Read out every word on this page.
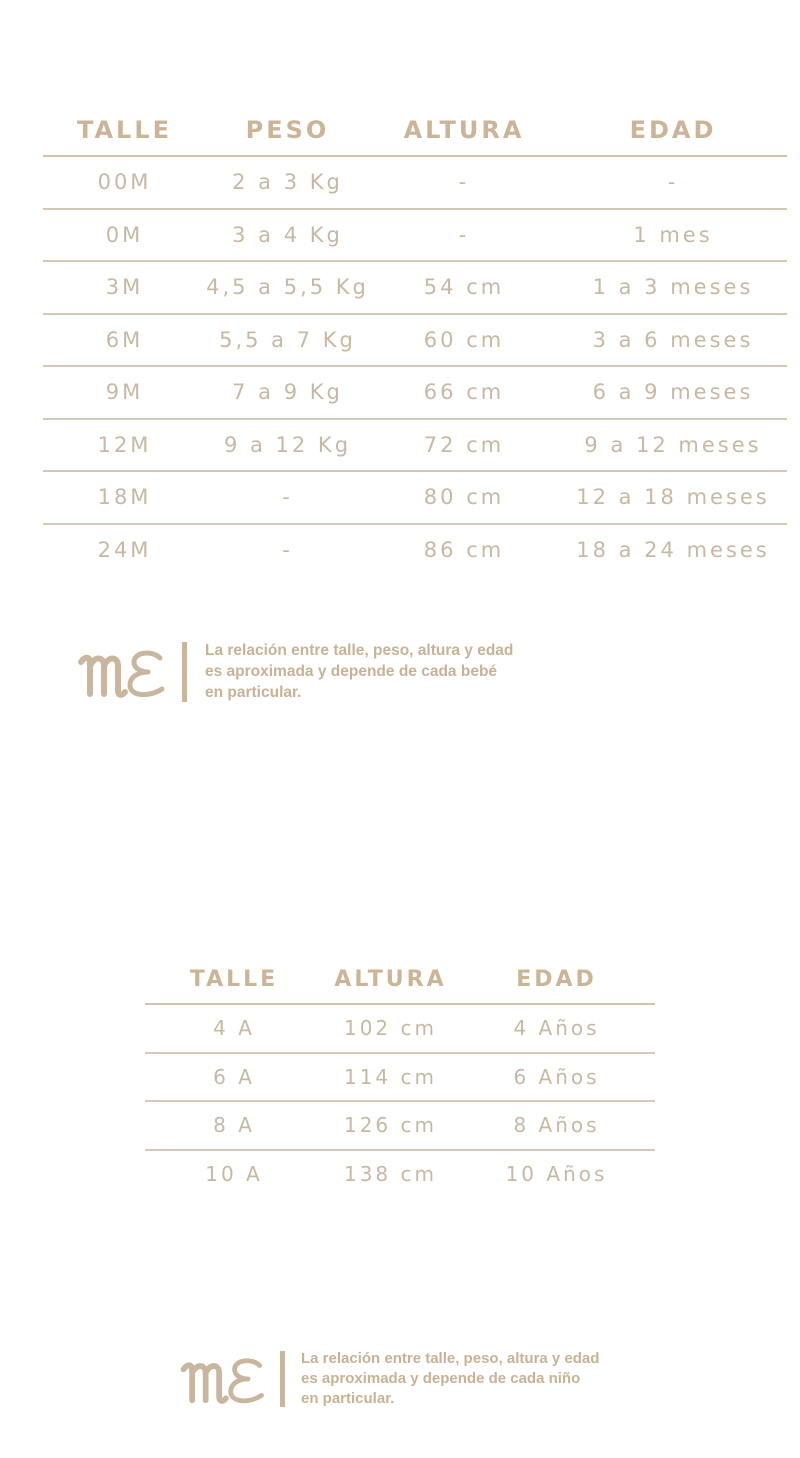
TALLE	PESO	ALTURA	EDAD
00M	2 a 3 Kg	-	-
0M	3 a 4 Kg	-	1 mes
3M	4,5 a 5,5 Kg	54 cm	1 a 3 meses
6M	5,5 a 7 Kg	60 cm	3 a 6 meses
9M	7 a 9 Kg	66 cm	6 a 9 meses
12M	9 a 12 Kg	72 cm	9 a 12 meses
18M	-	80 cm	12 a 18 meses
24M	-	86 cm	18 a 24 meses
La relación entre talle, peso, altura y edad
es aproximada y depende de cada bebé
en particular.
TALLE	ALTURA	EDAD
4 A	102 cm	4 Años
6 A	114 cm	6 Años
8 A	126 cm	8 Años
10 A	138 cm	10 Años
La relación entre talle, peso, altura y edad
es aproximada y depende de cada niño
en particular.
